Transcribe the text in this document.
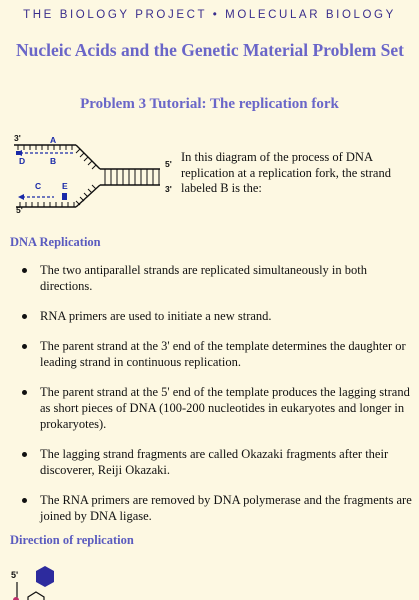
THE BIOLOGY PROJECT • MOLECULAR BIOLOGY
Nucleic Acids and the Genetic Material Problem Set
Problem 3 Tutorial: The replication fork
3'	A
B
D
C E
5'
5'
3'
In this diagram of the process of DNA replication at a replication fork, the strand labeled B is the:
DNA Replication
The two antiparallel strands are replicated simultaneously in both directions.
RNA primers are used to initiate a new strand.
The parent strand at the 3' end of the template determines the daughter or leading strand in continuous replication.
The parent strand at the 5' end of the template produces the lagging strand as short pieces of DNA (100-200 nucleotides in eukaryotes and longer in prokaryotes).
The lagging strand fragments are called Okazaki fragments after their discoverer, Reiji Okazaki.
The RNA primers are removed by DNA polymerase and the fragments are joined by DNA ligase.
Direction of replication
5'
